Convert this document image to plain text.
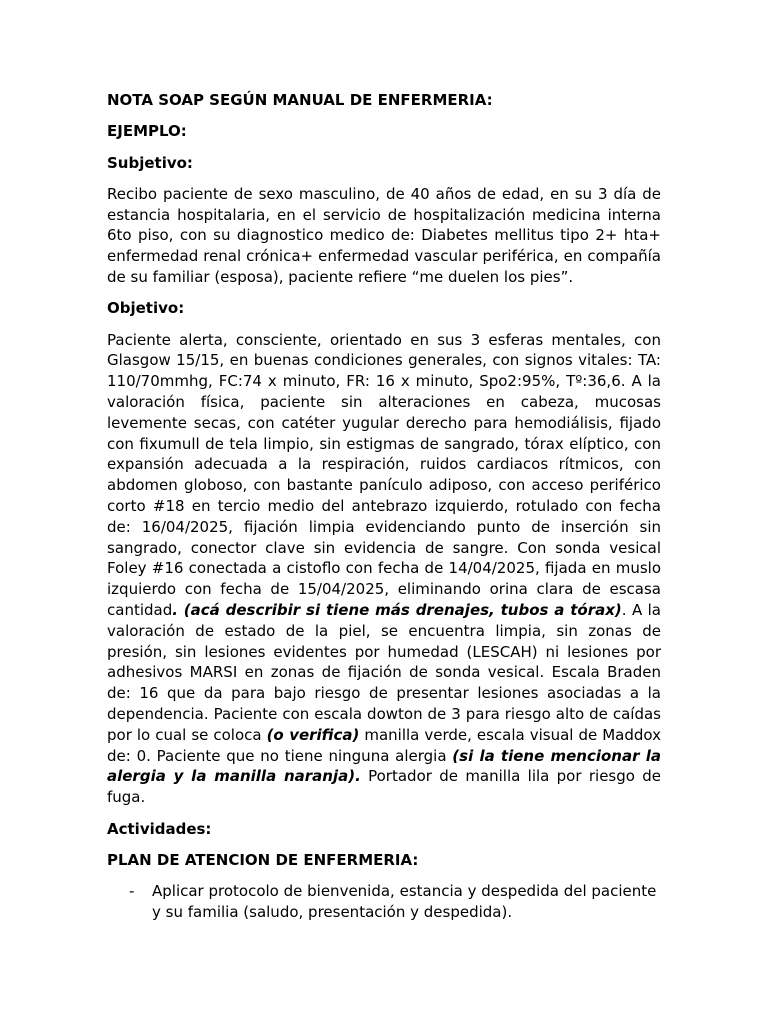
NOTA SOAP SEGÚN MANUAL DE ENFERMERIA:
EJEMPLO:
Subjetivo:

Recibo paciente de sexo masculino, de 40 años de edad, en su 3 día de estancia hospitalaria, en el servicio de hospitalización medicina interna 6to piso, con su diagnostico medico de: Diabetes mellitus tipo 2+ hta+ enfermedad renal crónica+ enfermedad vascular periférica, en compañía de su familiar (esposa), paciente refiere “me duelen los pies”.

Objetivo:

Paciente alerta, consciente, orientado en sus 3 esferas mentales, con Glasgow 15/15, en buenas condiciones generales, con signos vitales: TA: 110/70mmhg, FC:74 x minuto, FR: 16 x minuto, Spo2:95%, Tº:36,6. A la valoración física, paciente sin alteraciones en cabeza, mucosas levemente secas, con catéter yugular derecho para hemodiálisis, fijado con fixumull de tela limpio, sin estigmas de sangrado, tórax elíptico, con expansión adecuada a la respiración, ruidos cardiacos rítmicos, con abdomen globoso, con bastante panículo adiposo, con acceso periférico corto #18 en tercio medio del antebrazo izquierdo, rotulado con fecha de: 16/04/2025, fijación limpia evidenciando punto de inserción sin sangrado, conector clave sin evidencia de sangre. Con sonda vesical Foley #16 conectada a cistoflo con fecha de 14/04/2025, fijada en muslo izquierdo con fecha de 15/04/2025, eliminando orina clara de escasa cantidad. (acá describir si tiene más drenajes, tubos a tórax). A la valoración de estado de la piel, se encuentra limpia, sin zonas de presión, sin lesiones evidentes por humedad (LESCAH) ni lesiones por adhesivos MARSI en zonas de fijación de sonda vesical. Escala Braden de: 16 que da para bajo riesgo de presentar lesiones asociadas a la dependencia. Paciente con escala dowton de 3 para riesgo alto de caídas por lo cual se coloca (o verifica) manilla verde, escala visual de Maddox de: 0. Paciente que no tiene ninguna alergia (si la tiene mencionar la alergia y la manilla naranja). Portador de manilla lila por riesgo de fuga.

Actividades:
PLAN DE ATENCION DE ENFERMERIA:
- Aplicar protocolo de bienvenida, estancia y despedida del paciente y su familia (saludo, presentación y despedida).
